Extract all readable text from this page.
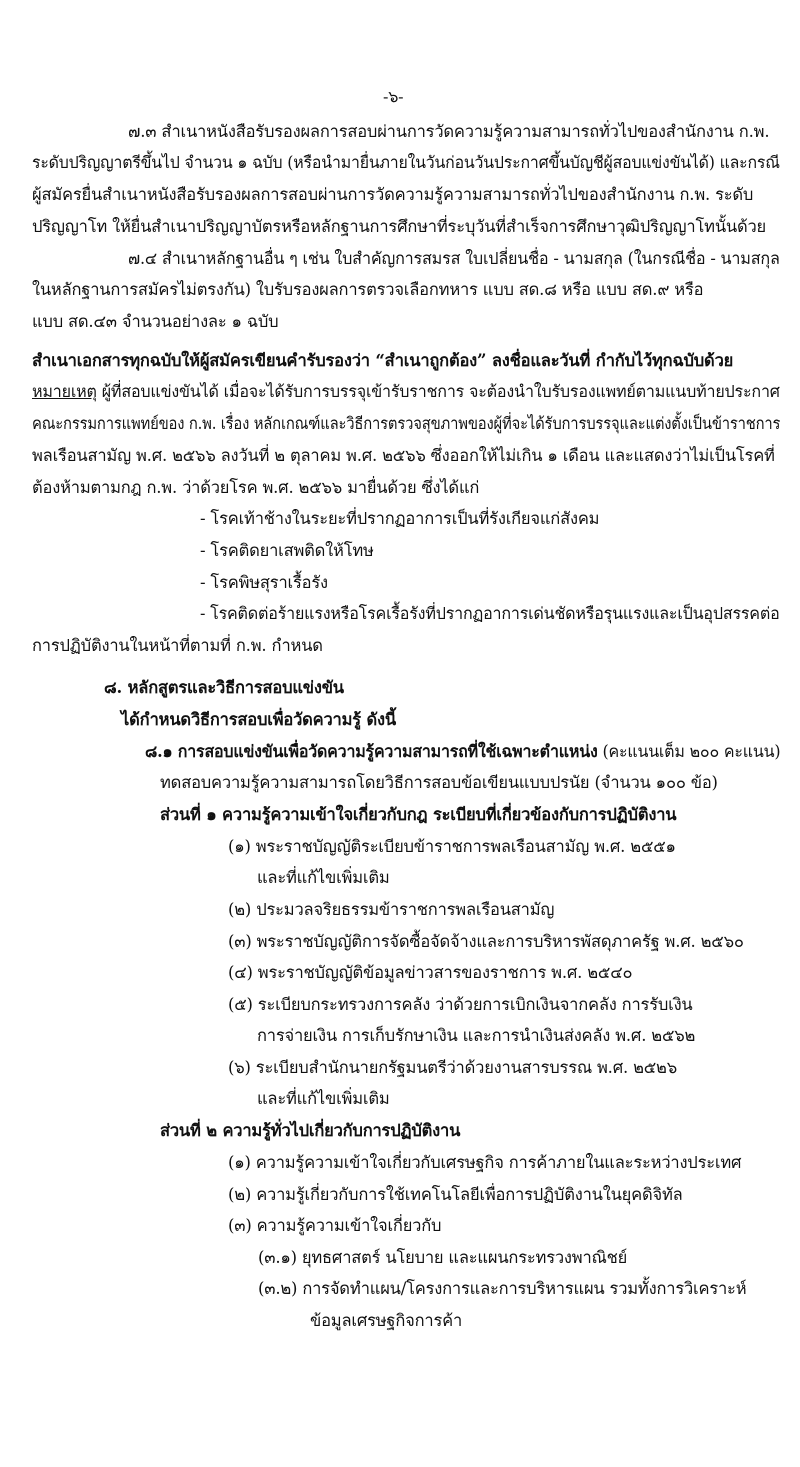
-๖-
๗.๓ สำเนาหนังสือรับรองผลการสอบผ่านการวัดความรู้ความสามารถทั่วไปของสำนักงาน ก.พ.
ระดับปริญญาตรีขึ้นไป จำนวน ๑ ฉบับ (หรือนำมายื่นภายในวันก่อนวันประกาศขึ้นบัญชีผู้สอบแข่งขันได้) และกรณี
ผู้สมัครยื่นสำเนาหนังสือรับรองผลการสอบผ่านการวัดความรู้ความสามารถทั่วไปของสำนักงาน ก.พ. ระดับ
ปริญญาโท ให้ยื่นสำเนาปริญญาบัตรหรือหลักฐานการศึกษาที่ระบุวันที่สำเร็จการศึกษาวุฒิปริญญาโทนั้นด้วย
๗.๔ สำเนาหลักฐานอื่น ๆ เช่น ใบสำคัญการสมรส ใบเปลี่ยนชื่อ - นามสกุล (ในกรณีชื่อ - นามสกุล
ในหลักฐานการสมัครไม่ตรงกัน) ใบรับรองผลการตรวจเลือกทหาร แบบ สด.๘ หรือ แบบ สด.๙ หรือ
แบบ สด.๔๓ จำนวนอย่างละ ๑ ฉบับ
สำเนาเอกสารทุกฉบับให้ผู้สมัครเขียนคำรับรองว่า “สำเนาถูกต้อง” ลงชื่อและวันที่ กำกับไว้ทุกฉบับด้วย
หมายเหตุ ผู้ที่สอบแข่งขันได้ เมื่อจะได้รับการบรรจุเข้ารับราชการ จะต้องนำใบรับรองแพทย์ตามแนบท้ายประกาศ
คณะกรรมการแพทย์ของ ก.พ. เรื่อง หลักเกณฑ์และวิธีการตรวจสุขภาพของผู้ที่จะได้รับการบรรจุและแต่งตั้งเป็นข้าราชการ
พลเรือนสามัญ พ.ศ. ๒๕๖๖ ลงวันที่ ๒ ตุลาคม พ.ศ. ๒๕๖๖ ซึ่งออกให้ไม่เกิน ๑ เดือน และแสดงว่าไม่เป็นโรคที่
ต้องห้ามตามกฎ ก.พ. ว่าด้วยโรค พ.ศ. ๒๕๖๖ มายื่นด้วย ซึ่งได้แก่
- โรคเท้าช้างในระยะที่ปรากฏอาการเป็นที่รังเกียจแก่สังคม
- โรคติดยาเสพติดให้โทษ
- โรคพิษสุราเรื้อรัง
- โรคติดต่อร้ายแรงหรือโรคเรื้อรังที่ปรากฏอาการเด่นชัดหรือรุนแรงและเป็นอุปสรรคต่อ
การปฏิบัติงานในหน้าที่ตามที่ ก.พ. กำหนด
๘. หลักสูตรและวิธีการสอบแข่งขัน
ได้กำหนดวิธีการสอบเพื่อวัดความรู้ ดังนี้
๘.๑ การสอบแข่งขันเพื่อวัดความรู้ความสามารถที่ใช้เฉพาะตำแหน่ง (คะแนนเต็ม ๒๐๐ คะแนน)
ทดสอบความรู้ความสามารถโดยวิธีการสอบข้อเขียนแบบปรนัย (จำนวน ๑๐๐ ข้อ)
ส่วนที่ ๑ ความรู้ความเข้าใจเกี่ยวกับกฎ ระเบียบที่เกี่ยวข้องกับการปฏิบัติงาน
(๑) พระราชบัญญัติระเบียบข้าราชการพลเรือนสามัญ พ.ศ. ๒๕๕๑
และที่แก้ไขเพิ่มเติม
(๒) ประมวลจริยธรรมข้าราชการพลเรือนสามัญ
(๓) พระราชบัญญัติการจัดซื้อจัดจ้างและการบริหารพัสดุภาครัฐ พ.ศ. ๒๕๖๐
(๔) พระราชบัญญัติข้อมูลข่าวสารของราชการ พ.ศ. ๒๕๔๐
(๕) ระเบียบกระทรวงการคลัง ว่าด้วยการเบิกเงินจากคลัง การรับเงิน
การจ่ายเงิน การเก็บรักษาเงิน และการนำเงินส่งคลัง พ.ศ. ๒๕๖๒
(๖) ระเบียบสำนักนายกรัฐมนตรีว่าด้วยงานสารบรรณ พ.ศ. ๒๕๒๖
และที่แก้ไขเพิ่มเติม
ส่วนที่ ๒ ความรู้ทั่วไปเกี่ยวกับการปฏิบัติงาน
(๑) ความรู้ความเข้าใจเกี่ยวกับเศรษฐกิจ การค้าภายในและระหว่างประเทศ
(๒) ความรู้เกี่ยวกับการใช้เทคโนโลยีเพื่อการปฏิบัติงานในยุคดิจิทัล
(๓) ความรู้ความเข้าใจเกี่ยวกับ
(๓.๑) ยุทธศาสตร์ นโยบาย และแผนกระทรวงพาณิชย์
(๓.๒) การจัดทำแผน/โครงการและการบริหารแผน รวมทั้งการวิเคราะห์
ข้อมูลเศรษฐกิจการค้า
